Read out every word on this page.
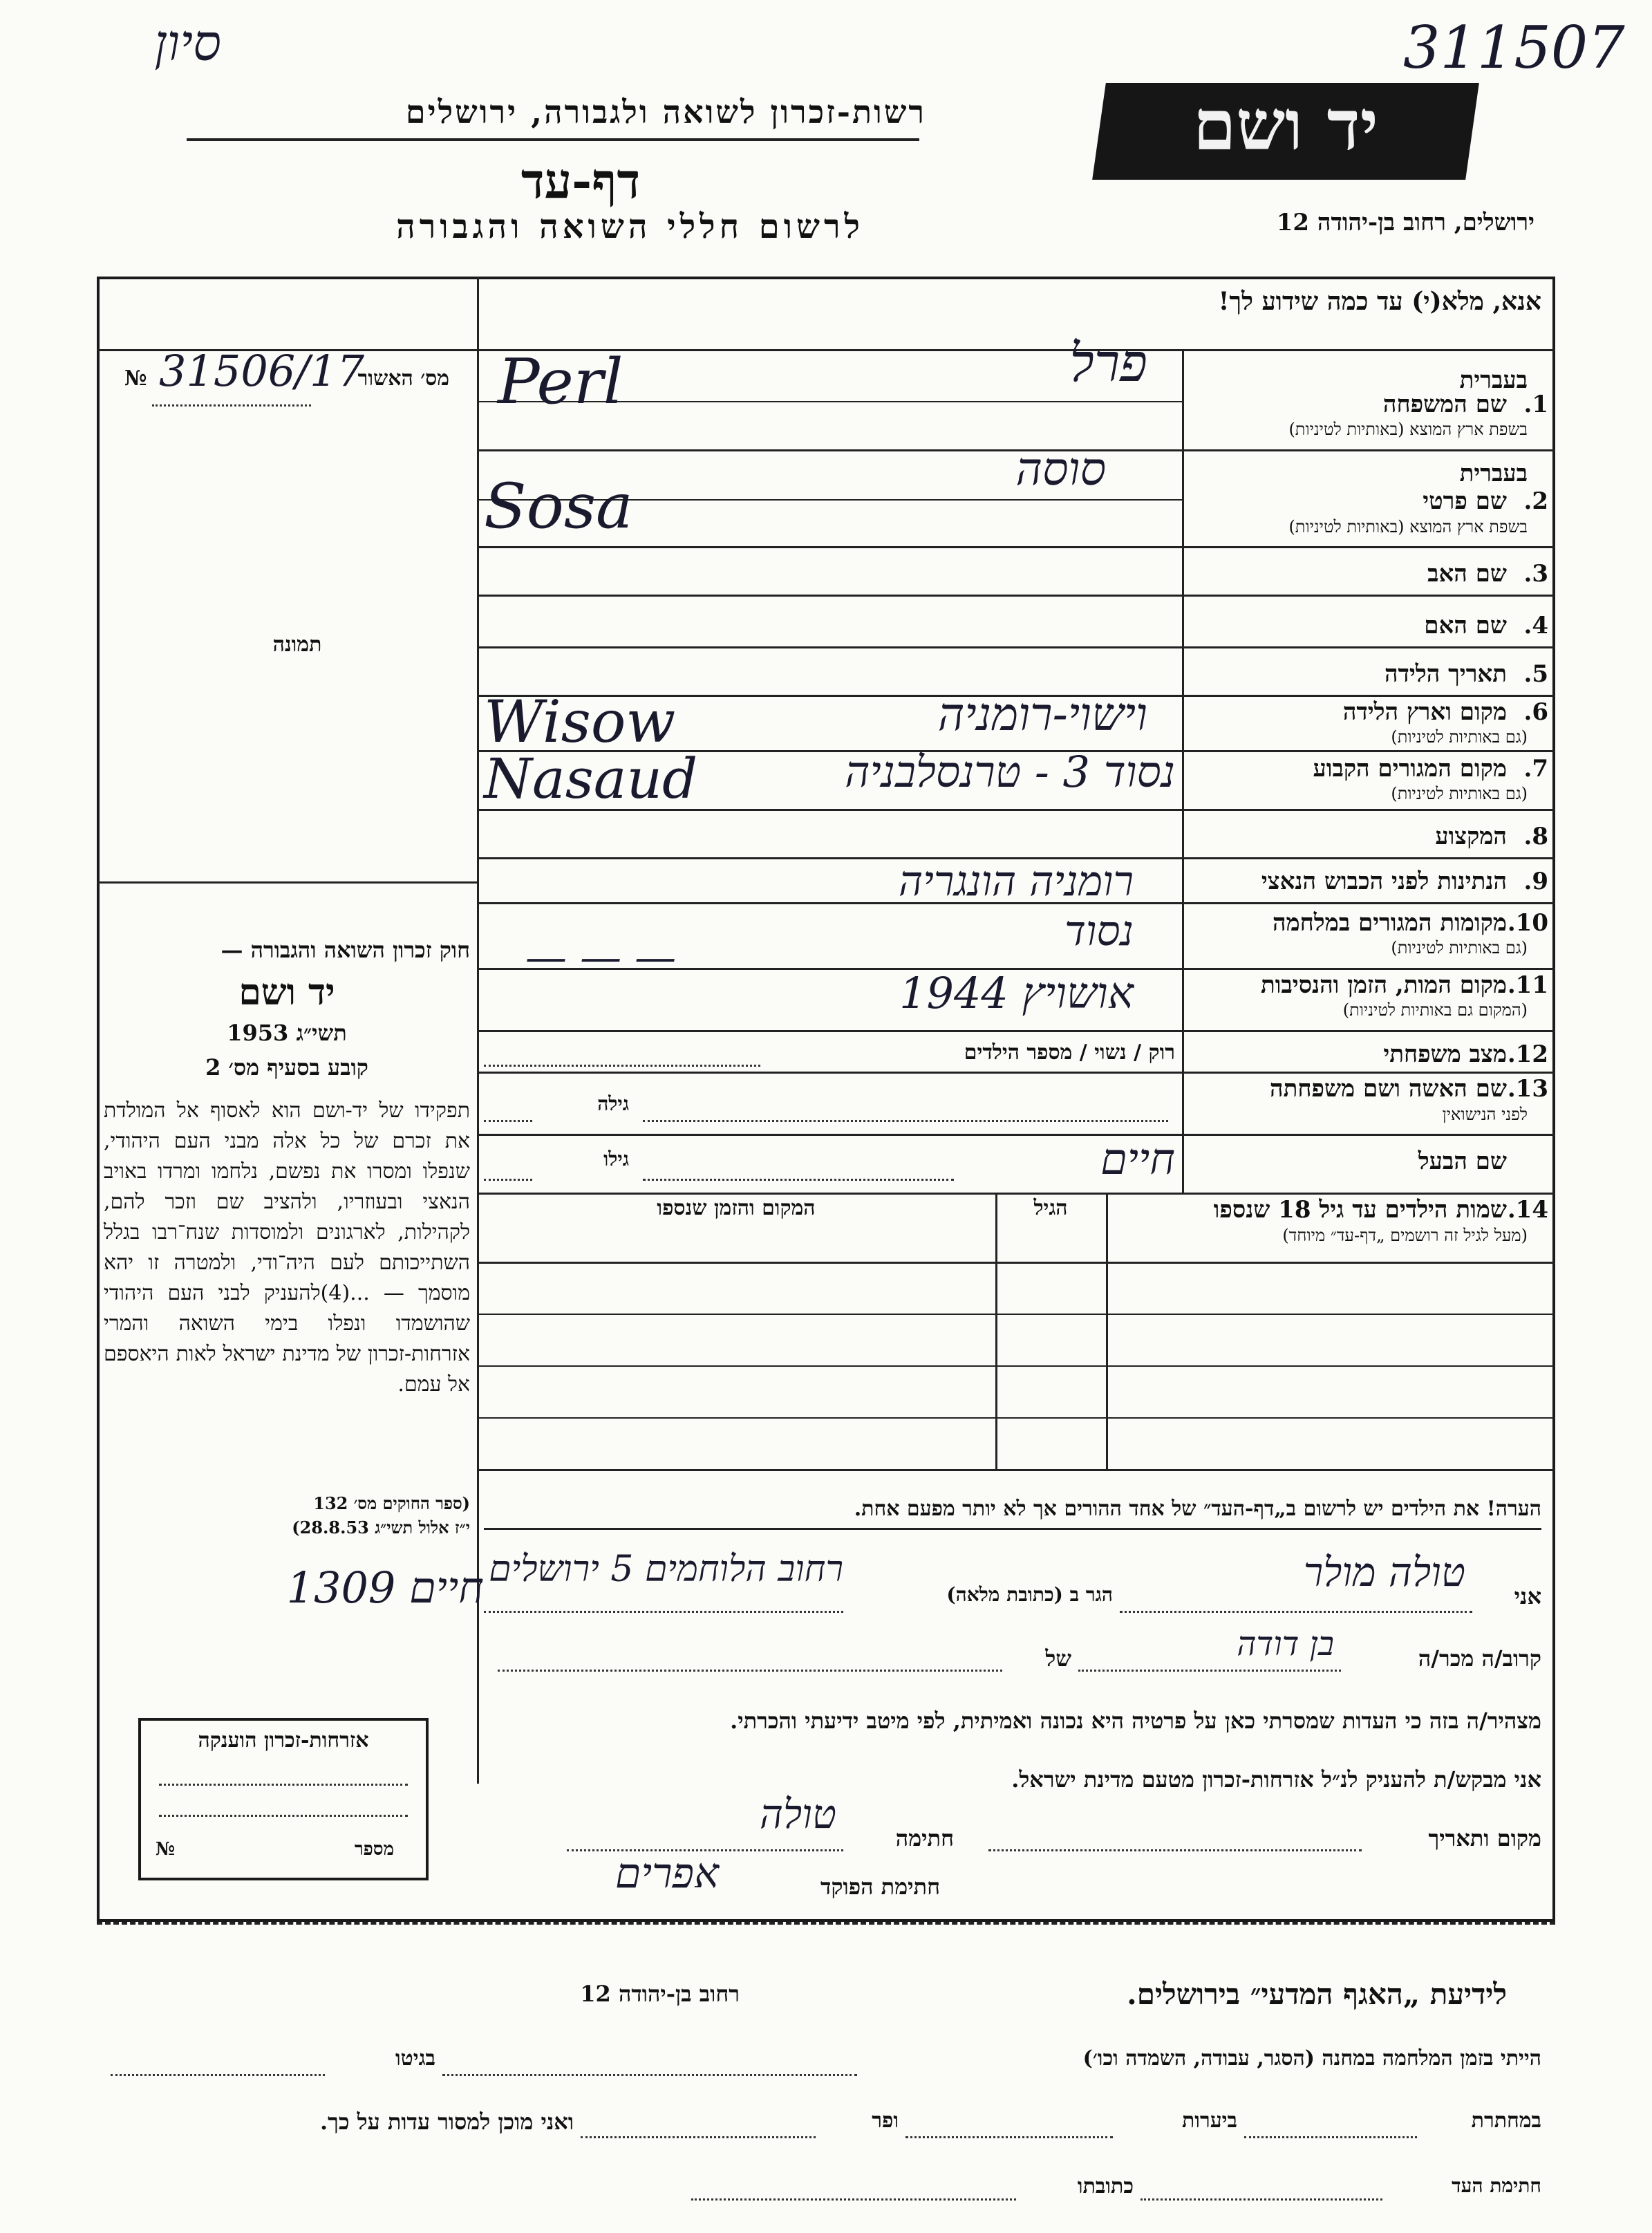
סיון	311507
רשות-זכרון לשואה ולגבורה, ירושלים
דף-עד
לרשום חללי השואה והגבורה
יד ושם
ירושלים, רחוב בן-יהודה 12
אנא, מלא(י) עד כמה שידוע לך!
מס׳ האשור
№ 31506/17
תמונה
חוק זכרון השואה והגבורה —
יד ושם
תשי״ג 1953
קובע בסעיף מס׳ 2
תפקידו של יד-ושם הוא לאסוף אל המולדת את זכרם של כל אלה מבני העם היהודי, שנפלו ומסרו את נפשם, נלחמו ומרדו באויב הנאצי ובעוזריו, ולהציב שם וזכר להם, לקהילות, לארגונים ולמוסדות שנח־רבו בגלל השתייכותם לעם היה־ודי, ולמטרה זו יהא מוסמך — ...(4)להעניק לבני העם היהודי שהושמדו ונפלו בימי השואה והמרי אזרחות-זכרון של מדינת ישראל לאות היאספם אל עמם.
(ספר החוקים מס׳ 132
י״ז אלול תשי״ג 28.8.53)
בעברית
שם המשפחה 1.
בשפת ארץ המוצא (באותיות לטיניות)
פרל
Perl
בעברית
שם פרטי 2.
בשפת ארץ המוצא (באותיות לטיניות)
סוסה
Sosa
שם האב 3.
שם האם 4.
תאריך הלידה 5.
מקום וארץ הלידה 6.
(גם באותיות לטיניות)
וישוי-רומניה
Wisow
מקום המגורים הקבוע 7.
(גם באותיות לטיניות)
נסוד 3 - טרנסלבניה
Nasaud
המקצוע 8.
הנתינות לפני הכבוש הנאצי 9.
רומניה הונגריה
מקומות המגורים במלחמה 10.
(גם באותיות לטיניות)
נסוד
— — —
מקום המות, הזמן והנסיבות 11.
(המקום גם באותיות לטיניות)
אושויץ 1944
מצב משפחתי 12.
רוק / נשוי / מספר הילדים
שם האשה ושם משפחתה 13.
לפני הנישואין
גילה
שם הבעל
חיים
גילו
שמות הילדים עד גיל 18 שנספו 14.
(מעל לגיל זה רושמים „דף-עד״ מיוחד)
הגיל
המקום והזמן שנספו
הערה! את הילדים יש לרשום ב„דף-העד״ של אחד ההורים אך לא יותר מפעם אחת.
אני
טולה מולר
הגר ב (כתובת מלאה)
רחוב הלוחמים 5 ירושלים
קרוב/ה מכר/ה
בן דודה
של
מצהיר/ה בזה כי העדות שמסרתי כאן על פרטיה היא נכונה ואמיתית, לפי מיטב ידיעתי והכרתי.
אני מבקש/ת להעניק לנ״ל אזרחות-זכרון מטעם מדינת ישראל.
מקום ותאריך
חתימה
טולה
חתימת הפוקד
אפרים
חיים 1309
אזרחות-זכרון הוענקה
מספר
№
לידיעת „האגף המדעי״ בירושלים.
רחוב בן-יהודה 12
הייתי בזמן המלחמה במחנה (הסגר, עבודה, השמדה וכו׳)
בגיטו
במחתרת
ביערות
ופר
ואני מוכן למסור עדות על כך.
חתימת העד
כתובתו
